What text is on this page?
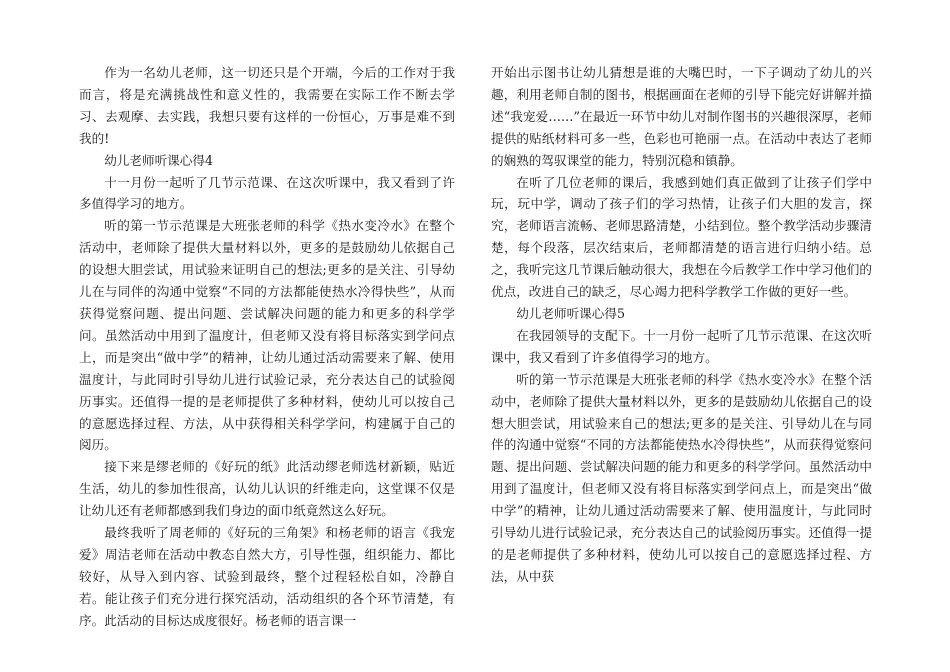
作为一名幼儿老师，这一切还只是个开端，今后的工作对于我而言，将是充满挑战性和意义性的，我需要在实际工作不断去学习、去观摩、去实践，我想只要有这样的一份恒心，万事是难不到我的!

幼儿老师听课心得4

十一月份一起听了几节示范课、在这次听课中，我又看到了许多值得学习的地方。

听的第一节示范课是大班张老师的科学《热水变冷水》在整个活动中，老师除了提供大量材料以外，更多的是鼓励幼儿依据自己的设想大胆尝试，用试验来证明自己的想法;更多的是关注、引导幼儿在与同伴的沟通中觉察“不同的方法都能使热水冷得快些”，从而获得觉察问题、提出问题、尝试解决问题的能力和更多的科学学问。虽然活动中用到了温度计，但老师又没有将目标落实到学问点上，而是突出“做中学”的精神，让幼儿通过活动需要来了解、使用温度计，与此同时引导幼儿进行试验记录，充分表达自己的试验阅历事实。还值得一提的是老师提供了多种材料，使幼儿可以按自己的意愿选择过程、方法，从中获得相关科学学问，构建属于自己的阅历。

接下来是缪老师的《好玩的纸》此活动缪老师选材新颖，贴近生活，幼儿的参加性很高，认幼儿认识的纤维走向，这堂课不仅是让幼儿还有老师都感到我们身边的面巾纸竟然这么好玩。

最终我听了周老师的《好玩的三角架》和杨老师的语言《我宠爱》周洁老师在活动中教态自然大方，引导性强，组织能力、都比较好，从导入到内容、试验到最终，整个过程轻松自如，冷静自若。能让孩子们充分进行探究活动，活动组织的各个环节清楚，有序。此活动的目标达成度很好。杨老师的语言课一

开始出示图书让幼儿猜想是谁的大嘴巴时，一下子调动了幼儿的兴趣，利用老师自制的图书，根据画面在老师的引导下能完好讲解并描述“我宠爱……”在最近一环节中幼儿对制作图书的兴趣很深厚，老师提供的贴纸材料可多一些，色彩也可艳丽一点。在活动中表达了老师的娴熟的驾驭课堂的能力，特别沉稳和镇静。

在听了几位老师的课后，我感到她们真正做到了让孩子们学中玩，玩中学，调动了孩子们的学习热情，让孩子们大胆的发言，探究，老师语言流畅、老师思路清楚，小结到位。整个教学活动步骤清楚，每个段落，层次结束后，老师都清楚的语言进行归纳小结。总之，我听完这几节课后触动很大，我想在今后教学工作中学习他们的优点，改进自己的缺乏，尽心竭力把科学教学工作做的更好一些。

幼儿老师听课心得5

在我园领导的支配下。十一月份一起听了几节示范课、在这次听课中，我又看到了许多值得学习的地方。

听的第一节示范课是大班张老师的科学《热水变冷水》在整个活动中，老师除了提供大量材料以外，更多的是鼓励幼儿依据自己的设想大胆尝试，用试验来自己的想法;更多的是关注、引导幼儿在与同伴的沟通中觉察“不同的方法都能使热水冷得快些”，从而获得觉察问题、提出问题、尝试解决问题的能力和更多的科学学问。虽然活动中用到了温度计，但老师又没有将目标落实到学问点上，而是突出“做中学”的精神，让幼儿通过活动需要来了解、使用温度计，与此同时引导幼儿进行试验记录，充分表达自己的试验阅历事实。还值得一提的是老师提供了多种材料，使幼儿可以按自己的意愿选择过程、方法，从中获
